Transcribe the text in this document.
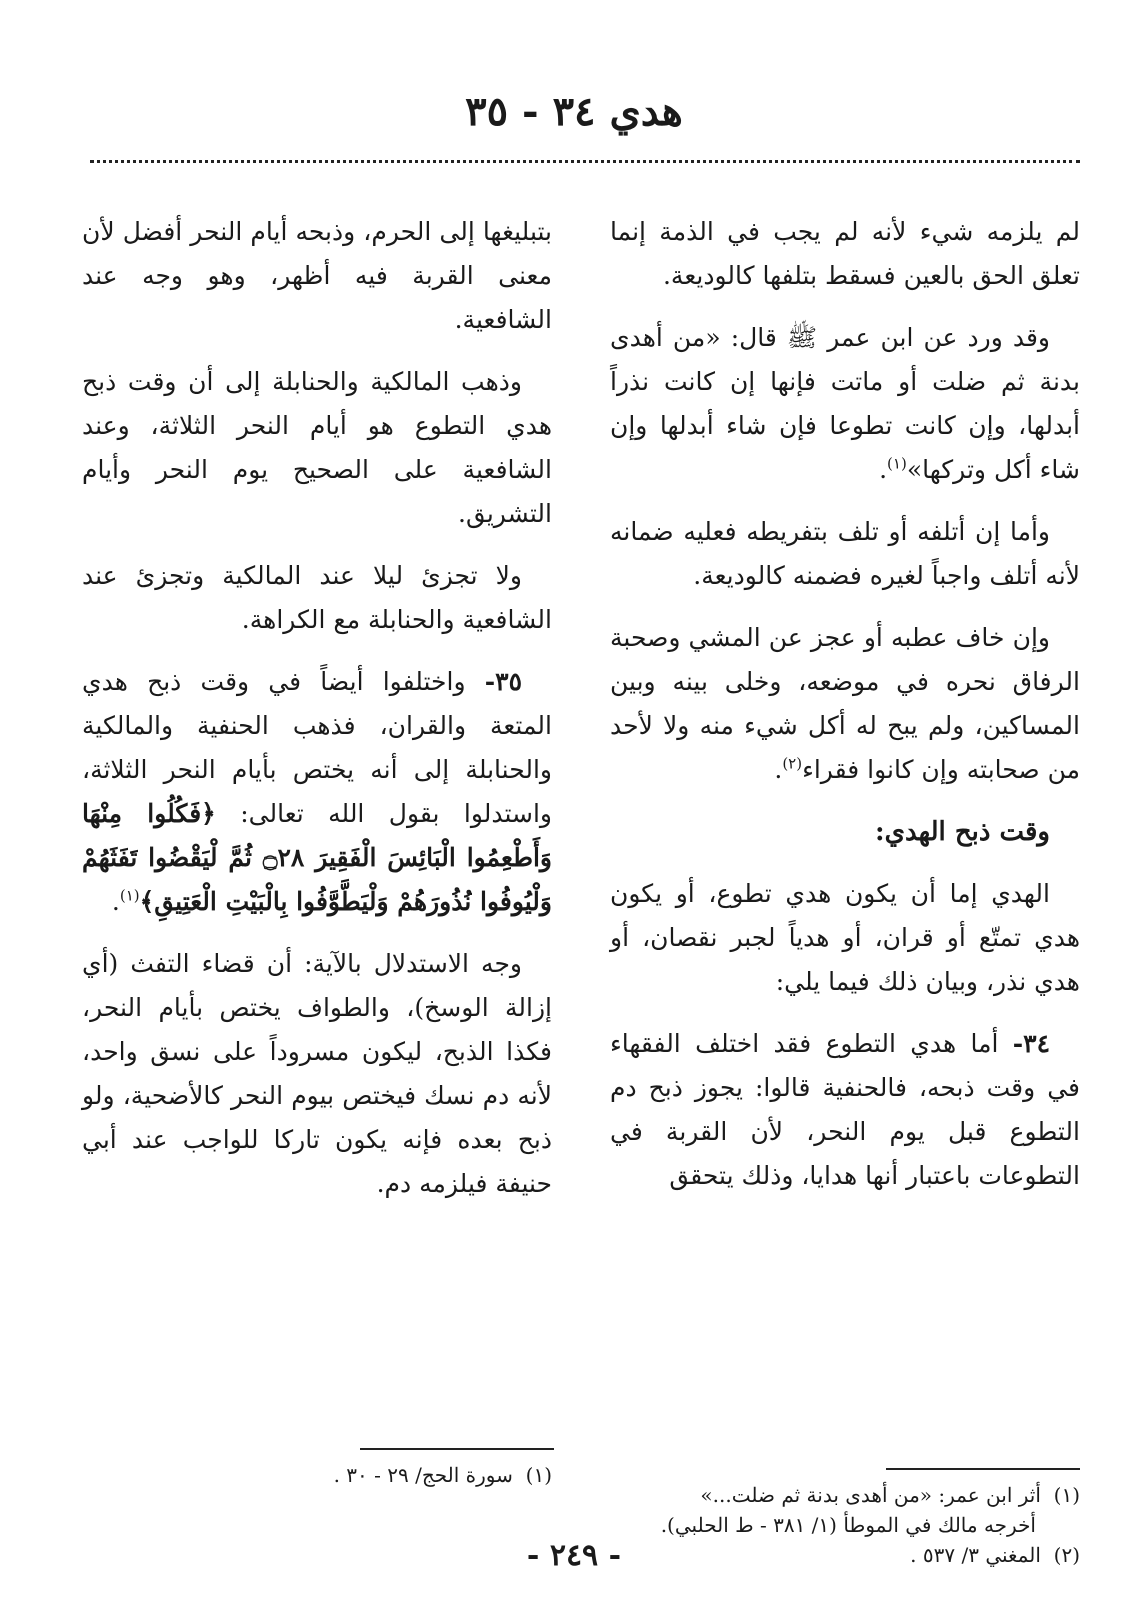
هدي ٣٤ - ٣٥

لم يلزمه شيء لأنه لم يجب في الذمة إنما تعلق الحق بالعين فسقط بتلفها كالوديعة.

وقد ورد عن ابن عمر ﷺ قال: «من أهدى بدنة ثم ضلت أو ماتت فإنها إن كانت نذراً أبدلها، وإن كانت تطوعا فإن شاء أبدلها وإن شاء أكل وتركها»$^{(١)}$.

وأما إن أتلفه أو تلف بتفريطه فعليه ضمانه لأنه أتلف واجباً لغيره فضمنه كالوديعة.

وإن خاف عطبه أو عجز عن المشي وصحبة الرفاق نحره في موضعه، وخلى بينه وبين المساكين، ولم يبح له أكل شيء منه ولا لأحد من صحابته وإن كانوا فقراء$^{(٢)}$.

وقت ذبح الهدي:

الهدي إما أن يكون هدي تطوع، أو يكون هدي تمتّع أو قران، أو هدياً لجبر نقصان، أو هدي نذر، وبيان ذلك فيما يلي:

٣٤- أما هدي التطوع فقد اختلف الفقهاء في وقت ذبحه، فالحنفية قالوا: يجوز ذبح دم التطوع قبل يوم النحر، لأن القربة في التطوعات باعتبار أنها هدايا، وذلك يتحقق

بتبليغها إلى الحرم، وذبحه أيام النحر أفضل لأن معنى القربة فيه أظهر، وهو وجه عند الشافعية.

وذهب المالكية والحنابلة إلى أن وقت ذبح هدي التطوع هو أيام النحر الثلاثة، وعند الشافعية على الصحيح يوم النحر وأيام التشريق.

ولا تجزئ ليلا عند المالكية وتجزئ عند الشافعية والحنابلة مع الكراهة.

٣٥- واختلفوا أيضاً في وقت ذبح هدي المتعة والقران، فذهب الحنفية والمالكية والحنابلة إلى أنه يختص بأيام النحر الثلاثة، واستدلوا بقول الله تعالى: ﴿فَكُلُوا مِنْهَا وَأَطْعِمُوا الْبَائِسَ الْفَقِيرَ ۝٢٨ ثُمَّ لْيَقْضُوا تَفَثَهُمْ وَلْيُوفُوا نُذُورَهُمْ وَلْيَطَّوَّفُوا بِالْبَيْتِ الْعَتِيقِ﴾$^{(١)}$.

وجه الاستدلال بالآية: أن قضاء التفث (أي إزالة الوسخ)، والطواف يختص بأيام النحر، فكذا الذبح، ليكون مسروداً على نسق واحد، لأنه دم نسك فيختص بيوم النحر كالأضحية، ولو ذبح بعده فإنه يكون تاركا للواجب عند أبي حنيفة فيلزمه دم.

(١)  أثر ابن عمر: «من أهدى بدنة ثم ضلت...»
أخرجه مالك في الموطأ (١/ ٣٨١ - ط الحلبي).
(٢)  المغني ٣/ ٥٣٧ .
(١)  سورة الحج/ ٢٩ - ٣٠ .
- ٢٤٩ -
